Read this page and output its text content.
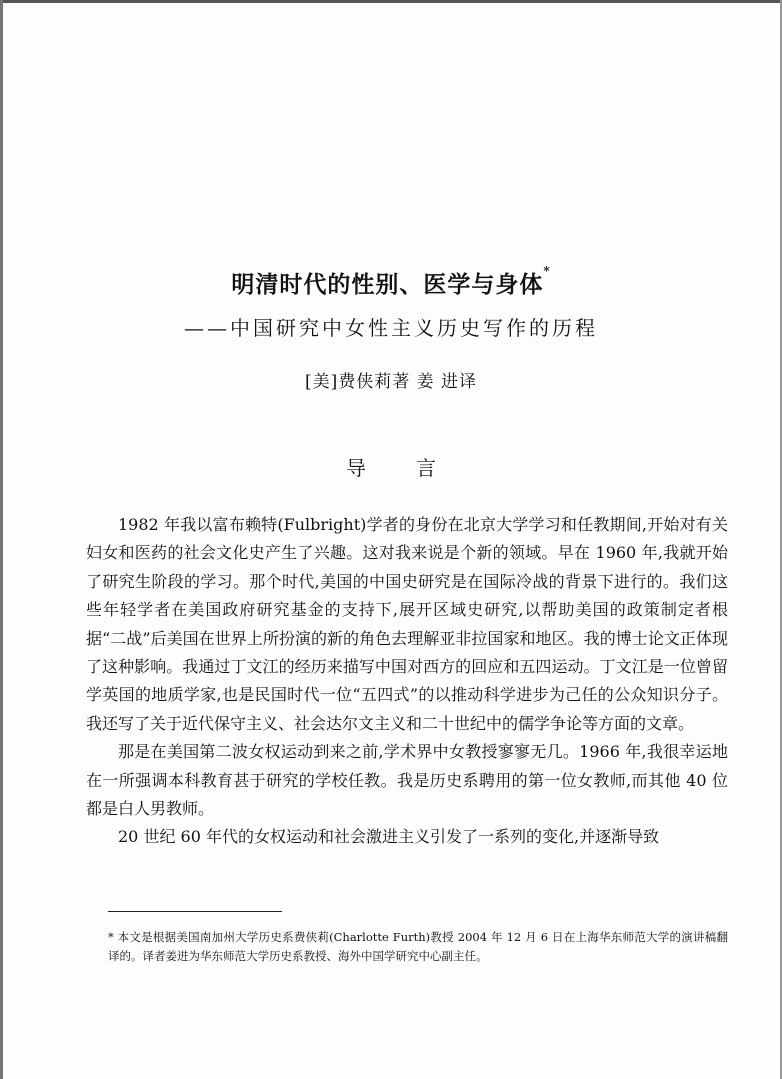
明清时代的性别、医学与身体*
——中国研究中女性主义历史写作的历程
[美]费侠莉著 姜 进译
导言

1982 年我以富布赖特(Fulbright)学者的身份在北京大学学习和任教期间,开始对有关妇女和医药的社会文化史产生了兴趣。这对我来说是个新的领域。早在 1960 年,我就开始了研究生阶段的学习。那个时代,美国的中国史研究是在国际冷战的背景下进行的。我们这些年轻学者在美国政府研究基金的支持下,展开区域史研究,以帮助美国的政策制定者根据“二战”后美国在世界上所扮演的新的角色去理解亚非拉国家和地区。我的博士论文正体现了这种影响。我通过丁文江的经历来描写中国对西方的回应和五四运动。丁文江是一位曾留学英国的地质学家,也是民国时代一位“五四式”的以推动科学进步为己任的公众知识分子。我还写了关于近代保守主义、社会达尔文主义和二十世纪中的儒学争论等方面的文章。

那是在美国第二波女权运动到来之前,学术界中女教授寥寥无几。1966 年,我很幸运地在一所强调本科教育甚于研究的学校任教。我是历史系聘用的第一位女教师,而其他 40 位都是白人男教师。

20 世纪 60 年代的女权运动和社会激进主义引发了一系列的变化,并逐渐导致

* 本文是根据美国南加州大学历史系费侠莉(Charlotte Furth)教授 2004 年 12 月 6 日在上海华东师范大学的演讲稿翻译的。译者姜进为华东师范大学历史系教授、海外中国学研究中心副主任。
